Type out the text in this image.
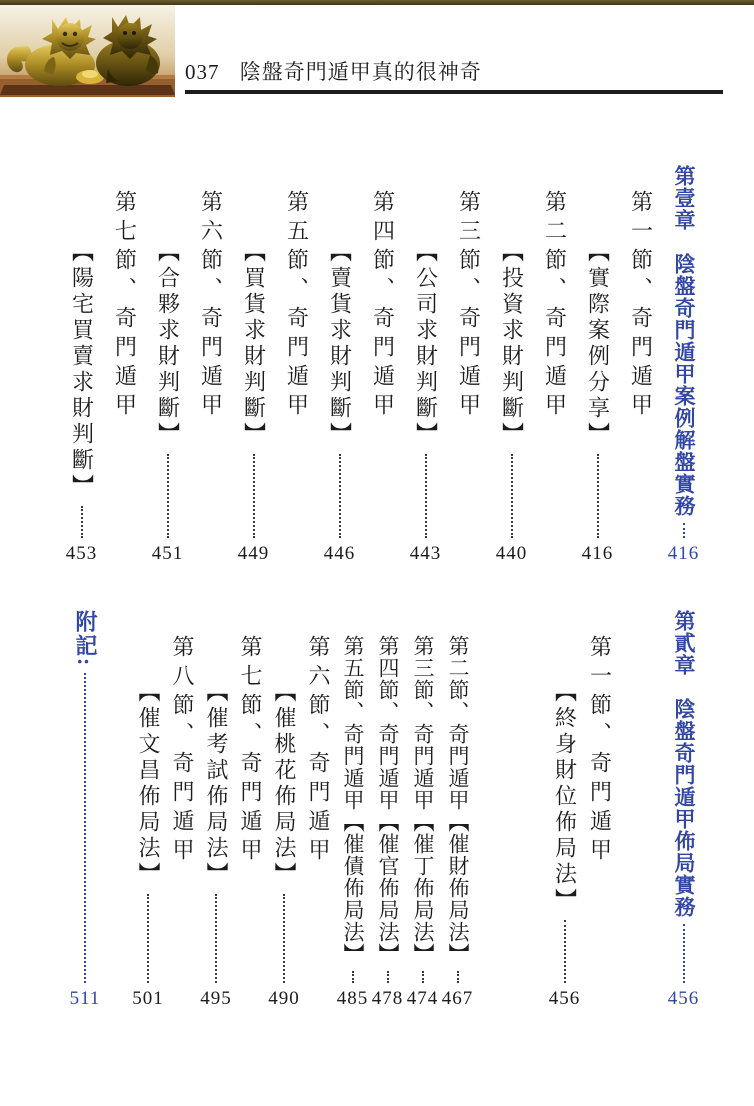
037 陰盤奇門遁甲真的很神奇
第壹章　陰盤奇門遁甲案例解盤實務
416
第一節、奇門遁甲
【實際案例分享】
416
第二節、奇門遁甲
【投資求財判斷】
440
第三節、奇門遁甲
【公司求財判斷】
443
第四節、奇門遁甲
【賣貨求財判斷】
446
第五節、奇門遁甲
【買貨求財判斷】
449
第六節、奇門遁甲
【合夥求財判斷】
451
第七節、奇門遁甲
【陽宅買賣求財判斷】
453
第貳章　陰盤奇門遁甲佈局實務
456
第一節、奇門遁甲
【終身財位佈局法】
456
第二節、奇門遁甲【催財佈局法】
467
第三節、奇門遁甲【催丁佈局法】
474
第四節、奇門遁甲【催官佈局法】
478
第五節、奇門遁甲【催債佈局法】
485
第六節、奇門遁甲
【催桃花佈局法】
490
第七節、奇門遁甲
【催考試佈局法】
495
第八節、奇門遁甲
【催文昌佈局法】
501
附記:
511
